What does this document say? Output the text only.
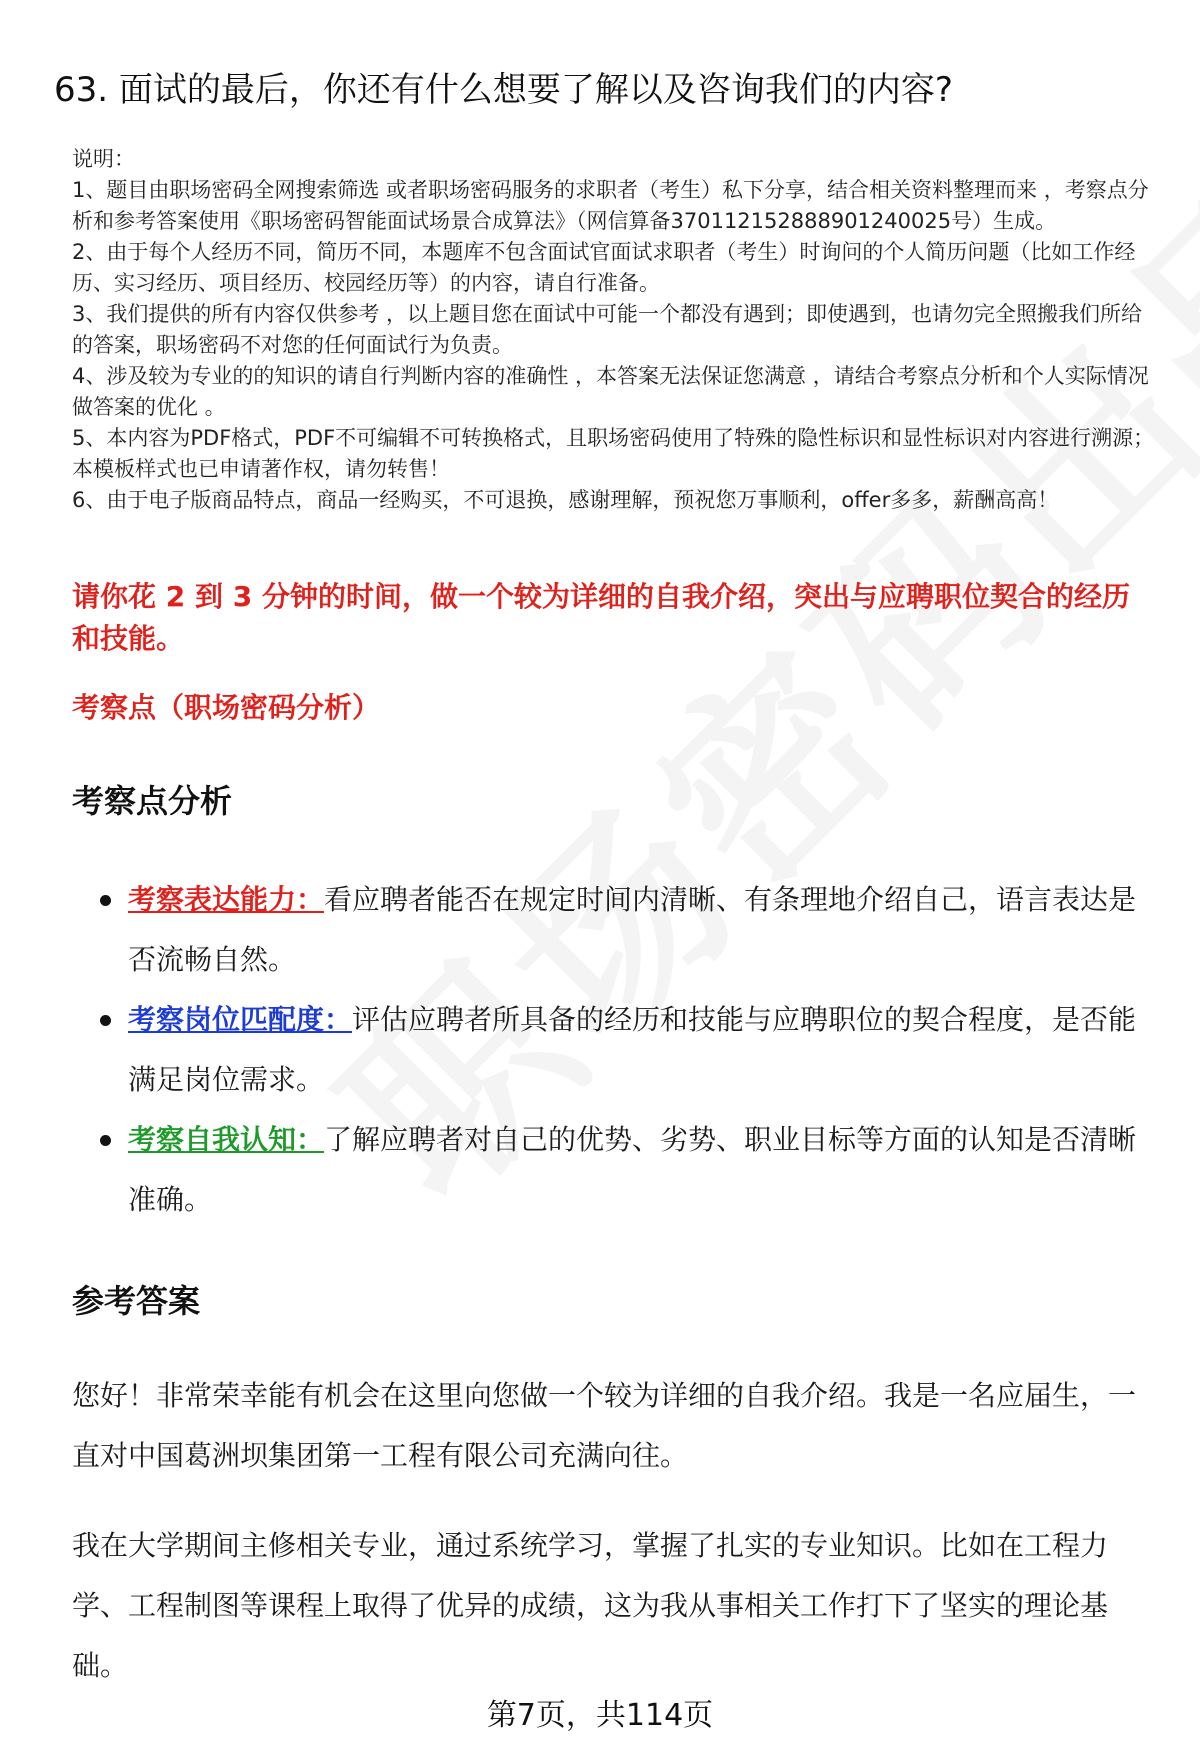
63. 面试的最后，你还有什么想要了解以及咨询我们的内容?

说明：

1、题目由职场密码全网搜索筛选 或者职场密码服务的求职者（考生）私下分享，结合相关资料整理而来 ，考察点分析和参考答案使用《职场密码智能面试场景合成算法》（网信算备370112152888901240025号）生成。

2、由于每个人经历不同，简历不同，本题库不包含面试官面试求职者（考生）时询问的个人简历问题（比如工作经历、实习经历、项目经历、校园经历等）的内容，请自行准备。

3、我们提供的所有内容仅供参考 ，以上题目您在面试中可能一个都没有遇到；即使遇到，也请勿完全照搬我们所给的答案，职场密码不对您的任何面试行为负责。

4、涉及较为专业的的知识的请自行判断内容的准确性 ，本答案无法保证您满意 ，请结合考察点分析和个人实际情况做答案的优化 。

5、本内容为PDF格式，PDF不可编辑不可转换格式，且职场密码使用了特殊的隐性标识和显性标识对内容进行溯源；本模板样式也已申请著作权，请勿转售！

6、由于电子版商品特点，商品一经购买，不可退换，感谢理解，预祝您万事顺利，offer多多，薪酬高高！

请你花 2 到 3 分钟的时间，做一个较为详细的自我介绍，突出与应聘职位契合的经历和技能。
考察点（职场密码分析）
考察点分析
考察表达能力：看应聘者能否在规定时间内清晰、有条理地介绍自己，语言表达是否流畅自然。
考察岗位匹配度：评估应聘者所具备的经历和技能与应聘职位的契合程度，是否能满足岗位需求。
考察自我认知：了解应聘者对自己的优势、劣势、职业目标等方面的认知是否清晰准确。
参考答案

您好！非常荣幸能有机会在这里向您做一个较为详细的自我介绍。我是一名应届生，一直对中国葛洲坝集团第一工程有限公司充满向往。

我在大学期间主修相关专业，通过系统学习，掌握了扎实的专业知识。比如在工程力学、工程制图等课程上取得了优异的成绩，这为我从事相关工作打下了坚实的理论基础。

第7页，共114页
